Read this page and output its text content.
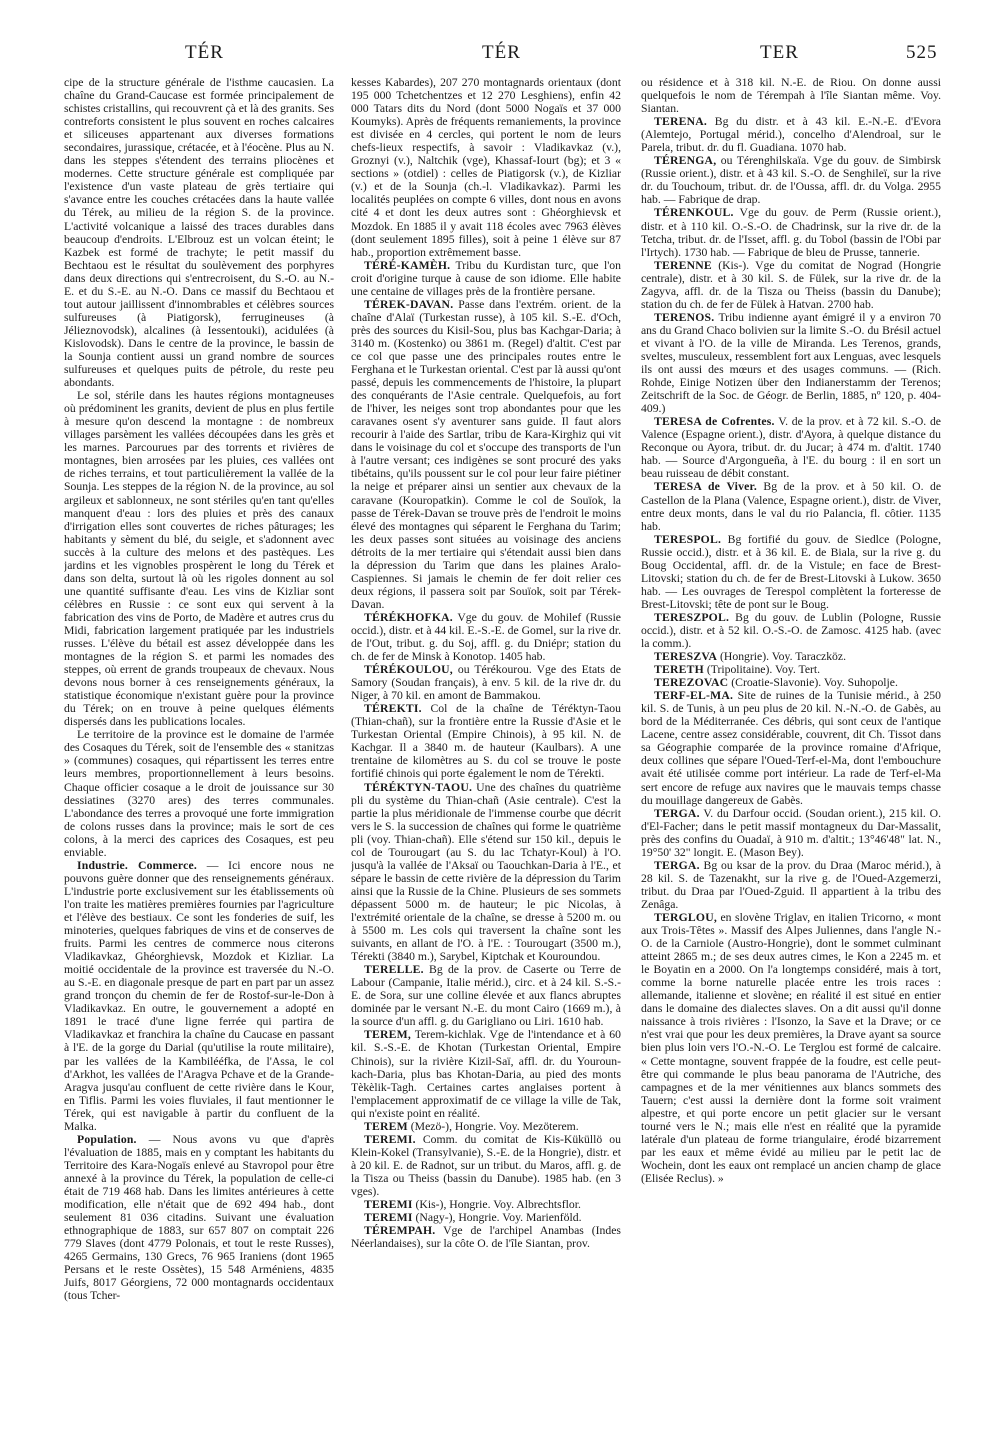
TÉR	TÉR	TER	525

cipe de la structure générale de l'isthme caucasien. La chaîne du Grand-Caucase est formée principalement de schistes cristallins, qui recouvrent çà et là des granits. Ses contreforts consistent le plus souvent en roches calcaires et siliceuses appartenant aux diverses formations secondaires, jurassique, crétacée, et à l'éocène. Plus au N. dans les steppes s'étendent des terrains pliocènes et modernes. Cette structure générale est compliquée par l'existence d'un vaste plateau de grès tertiaire qui s'avance entre les couches crétacées dans la haute vallée du Térek, au milieu de la région S. de la province. L'activité volcanique a laissé des traces durables dans beaucoup d'endroits. L'Elbrouz est un volcan éteint; le Kazbek est formé de trachyte; le petit massif du Bechtaou est le résultat du soulèvement des porphyres dans deux directions qui s'entrecroisent, du S.-O. au N.-E. et du S.-E. au N.-O. Dans ce massif du Bechtaou et tout autour jaillissent d'innombrables et célèbres sources sulfureuses (à Piatigorsk), ferrugineuses (à Jélieznovodsk), alcalines (à Iessentouki), acidulées (à Kislovodsk). Dans le centre de la province, le bassin de la Sounja contient aussi un grand nombre de sources sulfureuses et quelques puits de pétrole, du reste peu abondants.

Le sol, stérile dans les hautes régions montagneuses où prédominent les granits, devient de plus en plus fertile à mesure qu'on descend la montagne : de nombreux villages parsèment les vallées découpées dans les grès et les marnes. Parcourues par des torrents et rivières de montagnes, bien arrosées par les pluies, ces vallées ont de riches terrains, et tout particulièrement la vallée de la Sounja. Les steppes de la région N. de la province, au sol argileux et sablonneux, ne sont stériles qu'en tant qu'elles manquent d'eau : lors des pluies et près des canaux d'irrigation elles sont couvertes de riches pâturages; les habitants y sèment du blé, du seigle, et s'adonnent avec succès à la culture des melons et des pastèques. Les jardins et les vignobles prospèrent le long du Térek et dans son delta, surtout là où les rigoles donnent au sol une quantité suffisante d'eau. Les vins de Kizliar sont célèbres en Russie : ce sont eux qui servent à la fabrication des vins de Porto, de Madère et autres crus du Midi, fabrication largement pratiquée par les industriels russes. L'élève du bétail est assez développée dans les montagnes de la région S. et parmi les nomades des steppes, où errent de grands troupeaux de chevaux. Nous devons nous borner à ces renseignements généraux, la statistique économique n'existant guère pour la province du Térek; on en trouve à peine quelques éléments dispersés dans les publications locales.

Le territoire de la province est le domaine de l'armée des Cosaques du Térek, soit de l'ensemble des « stanitzas » (communes) cosaques, qui répartissent les terres entre leurs membres, proportionnellement à leurs besoins. Chaque officier cosaque a le droit de jouissance sur 30 dessiatines (3270 ares) des terres communales. L'abondance des terres a provoqué une forte immigration de colons russes dans la province; mais le sort de ces colons, à la merci des caprices des Cosaques, est peu enviable.

Industrie. Commerce. — Ici encore nous ne pouvons guère donner que des renseignements généraux. L'industrie porte exclusivement sur les établissements où l'on traite les matières premières fournies par l'agriculture et l'élève des bestiaux. Ce sont les fonderies de suif, les minoteries, quelques fabriques de vins et de conserves de fruits. Parmi les centres de commerce nous citerons Vladikavkaz, Ghéorghievsk, Mozdok et Kizliar. La moitié occidentale de la province est traversée du N.-O. au S.-E. en diagonale presque de part en part par un assez grand tronçon du chemin de fer de Rostof-sur-le-Don à Vladikavkaz. En outre, le gouvernement a adopté en 1891 le tracé d'une ligne ferrée qui partira de Vladikavkaz et franchira la chaîne du Caucase en passant à l'E. de la gorge du Darial (qu'utilise la route militaire), par les vallées de la Kambilééfka, de l'Assa, le col d'Arkhot, les vallées de l'Aragva Pchave et de la Grande-Aragva jusqu'au confluent de cette rivière dans le Kour, en Tiflis. Parmi les voies fluviales, il faut mentionner le Térek, qui est navigable à partir du confluent de la Malka.

Population. — Nous avons vu que d'après l'évaluation de 1885, mais en y comptant les habitants du Territoire des Kara-Nogaïs enlevé au Stavropol pour être annexé à la province du Térek, la population de celle-ci était de 719 468 hab. Dans les limites antérieures à cette modification, elle n'était que de 692 494 hab., dont seulement 81 036 citadins. Suivant une évaluation ethnographique de 1883, sur 657 807 on comptait 226 779 Slaves (dont 4779 Polonais, et tout le reste Russes), 4265 Germains, 130 Grecs, 76 965 Iraniens (dont 1965 Persans et le reste Ossètes), 15 548 Arméniens, 4835 Juifs, 8017 Géorgiens, 72 000 montagnards occidentaux (tous Tcher-

kesses Kabardes), 207 270 montagnards orientaux (dont 195 000 Tchetchentzes et 12 270 Lesghiens), enfin 42 000 Tatars dits du Nord (dont 5000 Nogaïs et 37 000 Koumyks). Après de fréquents remaniements, la province est divisée en 4 cercles, qui portent le nom de leurs chefs-lieux respectifs, à savoir : Vladikavkaz (v.), Groznyi (v.), Naltchik (vge), Khassaf-Iourt (bg); et 3 « sections » (otdiel) : celles de Piatigorsk (v.), de Kizliar (v.) et de la Sounja (ch.-l. Vladikavkaz). Parmi les localités peuplées on compte 6 villes, dont nous en avons cité 4 et dont les deux autres sont : Ghéorghievsk et Mozdok. En 1885 il y avait 118 écoles avec 7963 élèves (dont seulement 1895 filles), soit à peine 1 élève sur 87 hab., proportion extrêmement basse.

TÉRÉ-KAMÈH. Tribu du Kurdistan turc, que l'on croit d'origine turque à cause de son idiome. Elle habite une centaine de villages près de la frontière persane.

TÉREK-DAVAN. Passe dans l'extrém. orient. de la chaîne d'Alaï (Turkestan russe), à 105 kil. S.-E. d'Och, près des sources du Kisil-Sou, plus bas Kachgar-Daria; à 3140 m. (Kostenko) ou 3861 m. (Regel) d'altit. C'est par ce col que passe une des principales routes entre le Ferghana et le Turkestan oriental. C'est par là aussi qu'ont passé, depuis les commencements de l'histoire, la plupart des conquérants de l'Asie centrale. Quelquefois, au fort de l'hiver, les neiges sont trop abondantes pour que les caravanes osent s'y aventurer sans guide. Il faut alors recourir à l'aide des Sartlar, tribu de Kara-Kirghiz qui vit dans le voisinage du col et s'occupe des transports de l'un à l'autre versant; ces indigènes se sont procuré des yaks tibétains, qu'ils poussent sur le col pour leur faire piétiner la neige et préparer ainsi un sentier aux chevaux de la caravane (Kouropatkin). Comme le col de Souïok, la passe de Térek-Davan se trouve près de l'endroit le moins élevé des montagnes qui séparent le Ferghana du Tarim; les deux passes sont situées au voisinage des anciens détroits de la mer tertiaire qui s'étendait aussi bien dans la dépression du Tarim que dans les plaines Aralo-Caspiennes. Si jamais le chemin de fer doit relier ces deux régions, il passera soit par Souïok, soit par Térek-Davan.

TÉRÉKHOFKA. Vge du gouv. de Mohilef (Russie occid.), distr. et à 44 kil. E.-S.-E. de Gomel, sur la rive dr. de l'Out, tribut. g. du Soj, affl. g. du Dniépr; station du ch. de fer de Minsk à Konotop. 1405 hab.

TÉRÉKOULOU, ou Térékourou. Vge des Etats de Samory (Soudan français), à env. 5 kil. de la rive dr. du Niger, à 70 kil. en amont de Bammakou.

TÉREKTI. Col de la chaîne de Téréktyn-Taou (Thian-chañ), sur la frontière entre la Russie d'Asie et le Turkestan Oriental (Empire Chinois), à 95 kil. N. de Kachgar. Il a 3840 m. de hauteur (Kaulbars). A une trentaine de kilomètres au S. du col se trouve le poste fortifié chinois qui porte également le nom de Térekti.

TÉRÉKTYN-TAOU. Une des chaînes du quatrième pli du système du Thian-chañ (Asie centrale). C'est la partie la plus méridionale de l'immense courbe que décrit vers le S. la succession de chaînes qui forme le quatrième pli (voy. Thian-chañ). Elle s'étend sur 150 kil., depuis le col de Tourougart (au S. du lac Tchatyr-Koul) à l'O. jusqu'à la vallée de l'Aksaï ou Taouchkan-Daria à l'E., et sépare le bassin de cette rivière de la dépression du Tarim ainsi que la Russie de la Chine. Plusieurs de ses sommets dépassent 5000 m. de hauteur; le pic Nicolas, à l'extrémité orientale de la chaîne, se dresse à 5200 m. ou à 5500 m. Les cols qui traversent la chaîne sont les suivants, en allant de l'O. à l'E. : Tourougart (3500 m.), Térekti (3840 m.), Sarybel, Kiptchak et Kouroundou.

TERELLE. Bg de la prov. de Caserte ou Terre de Labour (Campanie, Italie mérid.), circ. et à 24 kil. S.-S.-E. de Sora, sur une colline élevée et aux flancs abruptes dominée par le versant N.-E. du mont Cairo (1669 m.), à la source d'un affl. g. du Garigliano ou Liri. 1610 hab.

TEREM, Terem-kichlak. Vge de l'intendance et à 60 kil. S.-S.-E. de Khotan (Turkestan Oriental, Empire Chinois), sur la rivière Kizil-Saï, affl. dr. du Youroun-kach-Daria, plus bas Khotan-Daria, au pied des monts Tèkèlik-Tagh. Certaines cartes anglaises portent à l'emplacement approximatif de ce village la ville de Tak, qui n'existe point en réalité.

TEREM (Mezö-), Hongrie. Voy. Mezöterem.

TEREMI. Comm. du comitat de Kis-Küküllö ou Klein-Kokel (Transylvanie), S.-E. de la Hongrie), distr. et à 20 kil. E. de Radnot, sur un tribut. du Maros, affl. g. de la Tisza ou Theiss (bassin du Danube). 1985 hab. (en 3 vges).

TEREMI (Kis-), Hongrie. Voy. Albrechtsflor.

TEREMI (Nagy-), Hongrie. Voy. Marienföld.

TÉREMPAH. Vge de l'archipel Anambas (Indes Néerlandaises), sur la côte O. de l'île Siantan, prov.

ou résidence et à 318 kil. N.-E. de Riou. On donne aussi quelquefois le nom de Térempah à l'île Siantan même. Voy. Siantan.

TERENA. Bg du distr. et à 43 kil. E.-N.-E. d'Evora (Alemtejo, Portugal mérid.), concelho d'Alendroal, sur le Parela, tribut. dr. du fl. Guadiana. 1070 hab.

TÉRENGA, ou Térenghilskaïa. Vge du gouv. de Simbirsk (Russie orient.), distr. et à 43 kil. S.-O. de Senghileï, sur la rive dr. du Touchoum, tribut. dr. de l'Oussa, affl. dr. du Volga. 2955 hab. — Fabrique de drap.

TÉRENKOUL. Vge du gouv. de Perm (Russie orient.), distr. et à 110 kil. O.-S.-O. de Chadrinsk, sur la rive dr. de la Tetcha, tribut. dr. de l'Isset, affl. g. du Tobol (bassin de l'Obi par l'Irtych). 1730 hab. — Fabrique de bleu de Prusse, tannerie.

TERENNE (Kis-). Vge du comitat de Nograd (Hongrie centrale), distr. et à 30 kil. S. de Fülek, sur la rive dr. de la Zagyva, affl. dr. de la Tisza ou Theiss (bassin du Danube); station du ch. de fer de Fülek à Hatvan. 2700 hab.

TERENOS. Tribu indienne ayant émigré il y a environ 70 ans du Grand Chaco bolivien sur la limite S.-O. du Brésil actuel et vivant à l'O. de la ville de Miranda. Les Terenos, grands, sveltes, musculeux, ressemblent fort aux Lenguas, avec lesquels ils ont aussi des mœurs et des usages communs. — (Rich. Rohde, Einige Notizen über den Indianerstamm der Terenos; Zeitschrift de la Soc. de Géogr. de Berlin, 1885, nº 120, p. 404-409.)

TERESA de Cofrentes. V. de la prov. et à 72 kil. S.-O. de Valence (Espagne orient.), distr. d'Ayora, à quelque distance du Reconque ou Ayora, tribut. dr. du Jucar; à 474 m. d'altit. 1740 hab. — Source d'Argongueña, à l'E. du bourg : il en sort un beau ruisseau de débit constant.

TERESA de Viver. Bg de la prov. et à 50 kil. O. de Castellon de la Plana (Valence, Espagne orient.), distr. de Viver, entre deux monts, dans le val du rio Palancia, fl. côtier. 1135 hab.

TERESPOL. Bg fortifié du gouv. de Siedlce (Pologne, Russie occid.), distr. et à 36 kil. E. de Biala, sur la rive g. du Boug Occidental, affl. dr. de la Vistule; en face de Brest-Litovski; station du ch. de fer de Brest-Litovski à Lukow. 3650 hab. — Les ouvrages de Terespol complètent la forteresse de Brest-Litovski; tête de pont sur le Boug.

TERESZPOL. Bg du gouv. de Lublin (Pologne, Russie occid.), distr. et à 52 kil. O.-S.-O. de Zamosc. 4125 hab. (avec la comm.).

TERESZVA (Hongrie). Voy. Taraczköz.

TERETH (Tripolitaine). Voy. Tert.

TEREZOVAC (Croatie-Slavonie). Voy. Suhopolje.

TERF-EL-MA. Site de ruines de la Tunisie mérid., à 250 kil. S. de Tunis, à un peu plus de 20 kil. N.-N.-O. de Gabès, au bord de la Méditerranée. Ces débris, qui sont ceux de l'antique Lacene, centre assez considérable, couvrent, dit Ch. Tissot dans sa Géographie comparée de la province romaine d'Afrique, deux collines que sépare l'Oued-Terf-el-Ma, dont l'embouchure avait été utilisée comme port intérieur. La rade de Terf-el-Ma sert encore de refuge aux navires que le mauvais temps chasse du mouillage dangereux de Gabès.

TERGA. V. du Darfour occid. (Soudan orient.), 215 kil. O. d'El-Facher; dans le petit massif montagneux du Dar-Massalit, près des confins du Ouadaï, à 910 m. d'altit.; 13°46'48" lat. N., 19°50' 32" longit. E. (Mason Bey).

TERGA. Bg ou ksar de la prov. du Draa (Maroc mérid.), à 28 kil. S. de Tazenakht, sur la rive g. de l'Oued-Azgemerzi, tribut. du Draa par l'Oued-Zguid. Il appartient à la tribu des Zenâga.

TERGLOU, en slovène Triglav, en italien Tricorno, « mont aux Trois-Têtes ». Massif des Alpes Juliennes, dans l'angle N.-O. de la Carniole (Austro-Hongrie), dont le sommet culminant atteint 2865 m.; de ses deux autres cimes, le Kon a 2245 m. et le Boyatin en a 2000. On l'a longtemps considéré, mais à tort, comme la borne naturelle placée entre les trois races : allemande, italienne et slovène; en réalité il est situé en entier dans le domaine des dialectes slaves. On a dit aussi qu'il donne naissance à trois rivières : l'Isonzo, la Save et la Drave; or ce n'est vrai que pour les deux premières, la Drave ayant sa source bien plus loin vers l'O.-N.-O. Le Terglou est formé de calcaire. « Cette montagne, souvent frappée de la foudre, est celle peut-être qui commande le plus beau panorama de l'Autriche, des campagnes et de la mer vénitiennes aux blancs sommets des Tauern; c'est aussi la dernière dont la forme soit vraiment alpestre, et qui porte encore un petit glacier sur le versant tourné vers le N.; mais elle n'est en réalité que la pyramide latérale d'un plateau de forme triangulaire, érodé bizarrement par les eaux et même évidé au milieu par le petit lac de Wochein, dont les eaux ont remplacé un ancien champ de glace (Elisée Reclus). »
